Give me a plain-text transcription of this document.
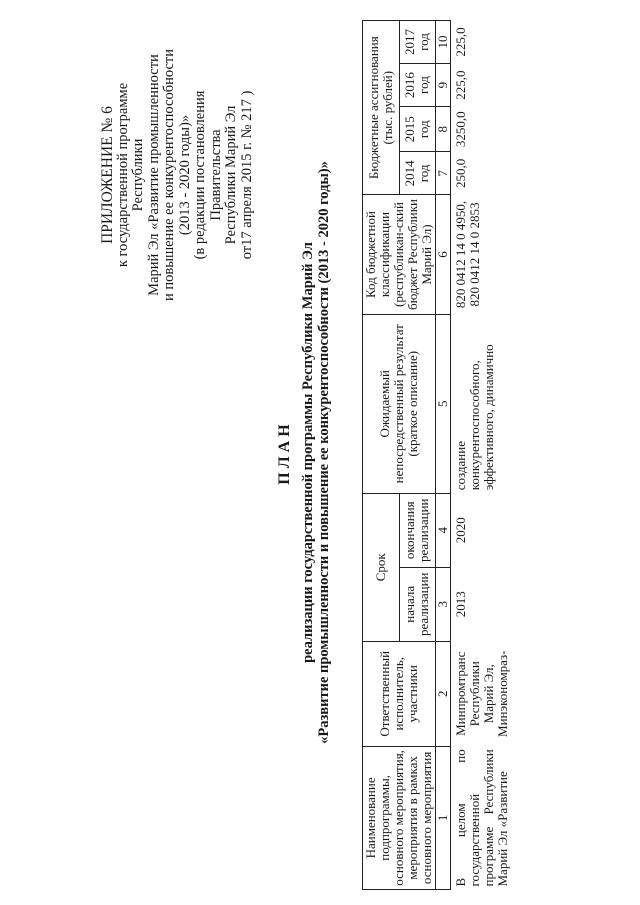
ПРИЛОЖЕНИЕ № 6
к государственной программе Республики Марий Эл «Развитие промышленности и повышение ее конкурентоспособности (2013 - 2020 годы)» (в редакции постановления Правительства Республики Марий Эл от17 апреля 2015 г. № 217 )
ПЛАН реализации государственной программы Республики Марий Эл «Развитие промышленности и повышение ее конкурентоспособности (2013 - 2020 годы)»
Наименование подпрограммы, основного мероприятия, мероприятия в рамках основного мероприятия	Ответственный исполнитель, участники	Срок		Ожидаемый непосредственный результат (краткое описание)	Код бюджетной классификации (республикан-ский бюджет Республики Марий Эл)	Бюджетные ассигнования (тыс. рублей)			
		начала реализации	окончания реализации			2014 год	2015 год	2016 год	2017 год
1	2	3	4	5	6	7	8	9	10
В целом по государственной программе Республики Марий Эл «Развитие	Минпромтранс Республики Марий Эл, Минэкономраз-	2013	2020	создание конкурентоспособного, эффективного, динамично	820 0412 14 0 4950, 820 0412 14 0 2853	250,0	3250,0	225,0	225,0
